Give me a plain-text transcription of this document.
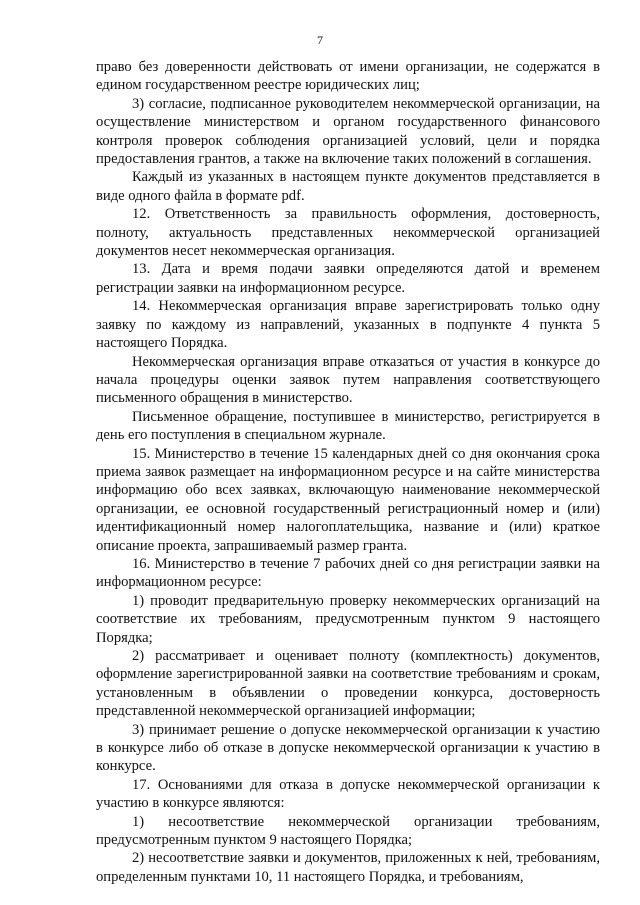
7

право без доверенности действовать от имени организации, не содержатся в едином государственном реестре юридических лиц;

3) согласие, подписанное руководителем некоммерческой организации, на осуществление министерством и органом государственного финансового контроля проверок соблюдения организацией условий, цели и порядка предоставления грантов, а также на включение таких положений в соглашения.

Каждый из указанных в настоящем пункте документов представляется в виде одного файла в формате pdf.

12. Ответственность за правильность оформления, достоверность, полноту, актуальность представленных некоммерческой организацией документов несет некоммерческая организация.

13. Дата и время подачи заявки определяются датой и временем регистрации заявки на информационном ресурсе.

14. Некоммерческая организация вправе зарегистрировать только одну заявку по каждому из направлений, указанных в подпункте 4 пункта 5 настоящего Порядка.

Некоммерческая организация вправе отказаться от участия в конкурсе до начала процедуры оценки заявок путем направления соответствующего письменного обращения в министерство.

Письменное обращение, поступившее в министерство, регистрируется в день его поступления в специальном журнале.

15. Министерство в течение 15 календарных дней со дня окончания срока приема заявок размещает на информационном ресурсе и на сайте министерства информацию обо всех заявках, включающую наименование некоммерческой организации, ее основной государственный регистрационный номер и (или) идентификационный номер налогоплательщика, название и (или) краткое описание проекта, запрашиваемый размер гранта.

16. Министерство в течение 7 рабочих дней со дня регистрации заявки на информационном ресурсе:

1) проводит предварительную проверку некоммерческих организаций на соответствие их требованиям, предусмотренным пунктом 9 настоящего Порядка;

2) рассматривает и оценивает полноту (комплектность) документов, оформление зарегистрированной заявки на соответствие требованиям и срокам, установленным в объявлении о проведении конкурса, достоверность представленной некоммерческой организацией информации;

3) принимает решение о допуске некоммерческой организации к участию в конкурсе либо об отказе в допуске некоммерческой организации к участию в конкурсе.

17. Основаниями для отказа в допуске некоммерческой организации к участию в конкурсе являются:

1) несоответствие некоммерческой организации требованиям, предусмотренным пунктом 9 настоящего Порядка;

2) несоответствие заявки и документов, приложенных к ней, требованиям, определенным пунктами 10, 11 настоящего Порядка, и требованиям,
